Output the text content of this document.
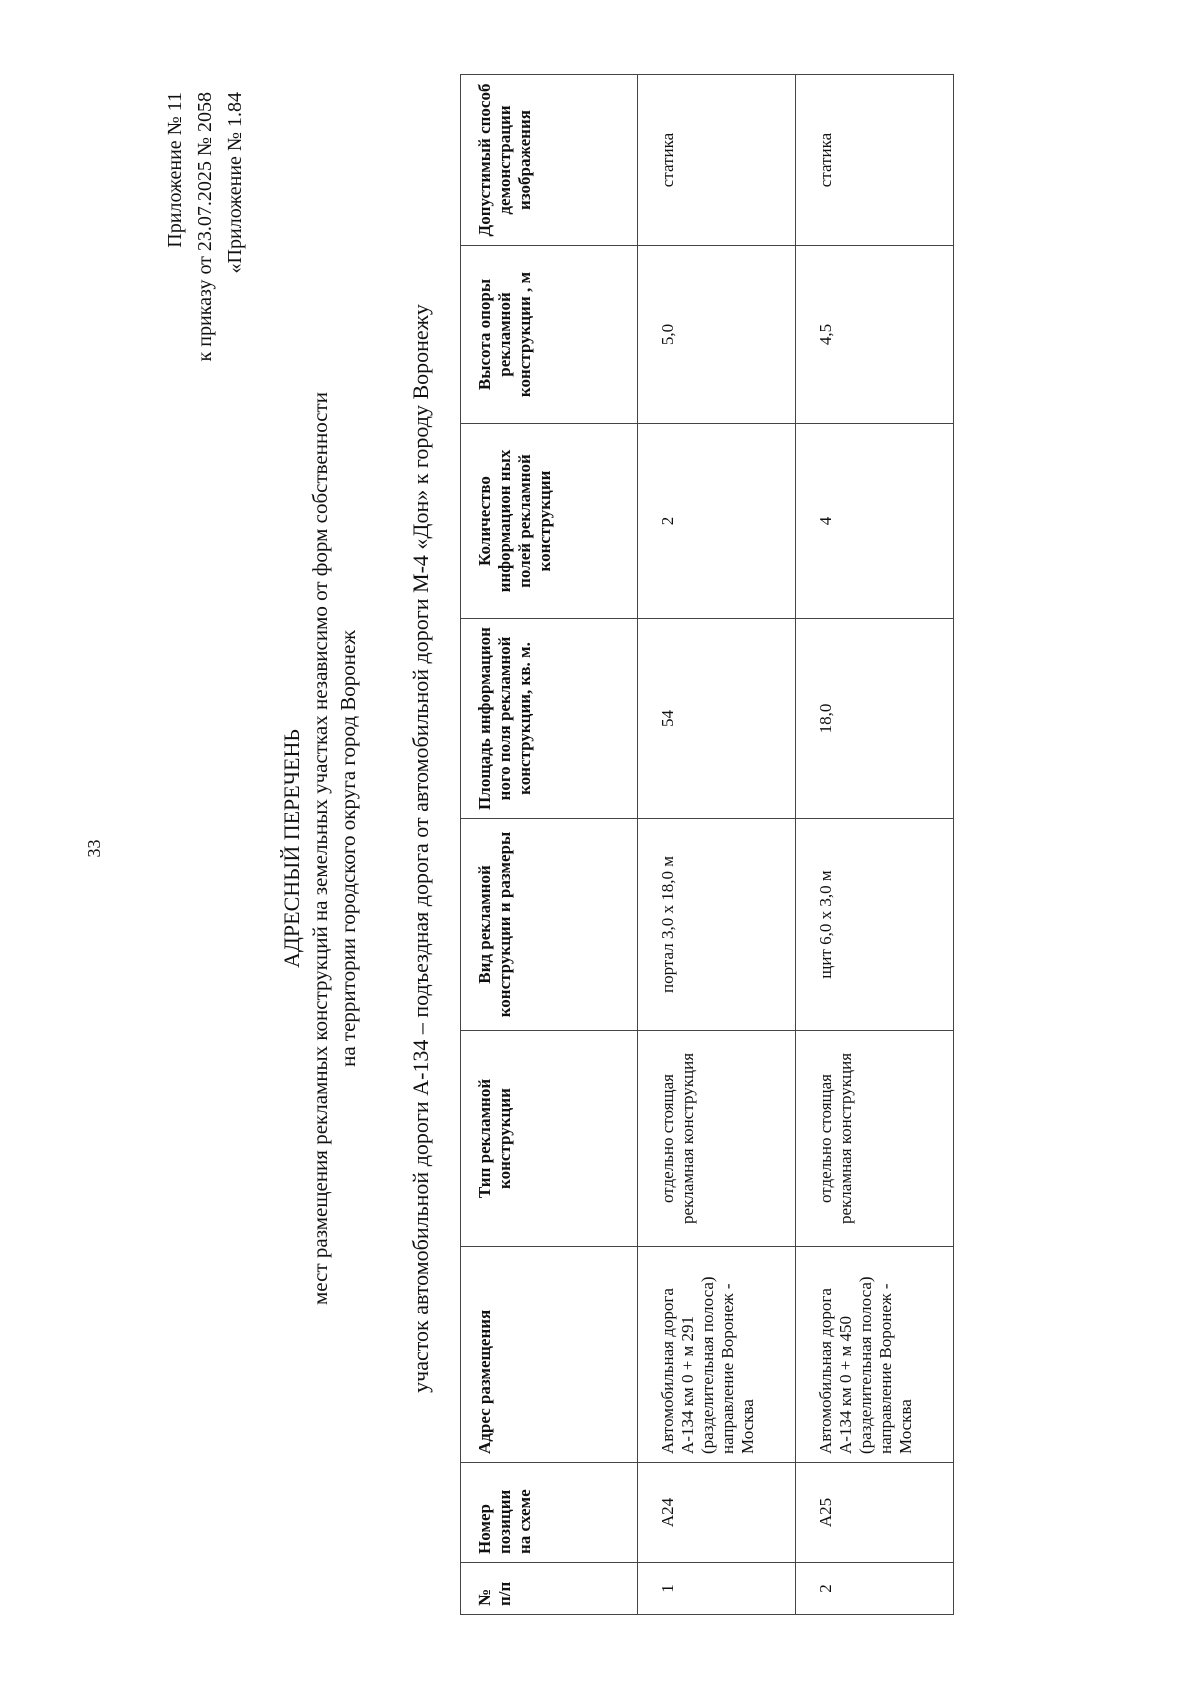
33
Приложение № 11 к приказу от 23.07.2025 № 2058 «Приложение № 1.84
АДРЕСНЫЙ ПЕРЕЧЕНЬ мест размещения рекламных конструкций на земельных участках независимо от форм собственности на территории городского округа город Воронеж участок автомобильной дороги А-134 – подъездная дорога от автомобильной дороги М-4 «Дон» к городу Воронежу
№ п/п	Номер позиции на схеме	Адрес размещения	Тип рекламной конструкции	Вид рекламной конструкции и размеры	Площадь информацион ного поля рекламной конструкции, кв. м.	Количество информацион ных полей рекламной конструкции	Высота опоры рекламной конструкции , м	Допустимый способ демонстрации изображения
1	А24	Автомобильная дорога А-134 км 0 + м 291 (разделительная полоса) направление Воронеж - Москва	отдельно стоящая рекламная конструкция	портал 3,0 х 18,0 м	54	2	5,0	статика
2	А25	Автомобильная дорога А-134 км 0 + м 450 (разделительная полоса) направление Воронеж - Москва	отдельно стоящая рекламная конструкция	щит 6,0 х 3,0 м	18,0	4	4,5	статика
